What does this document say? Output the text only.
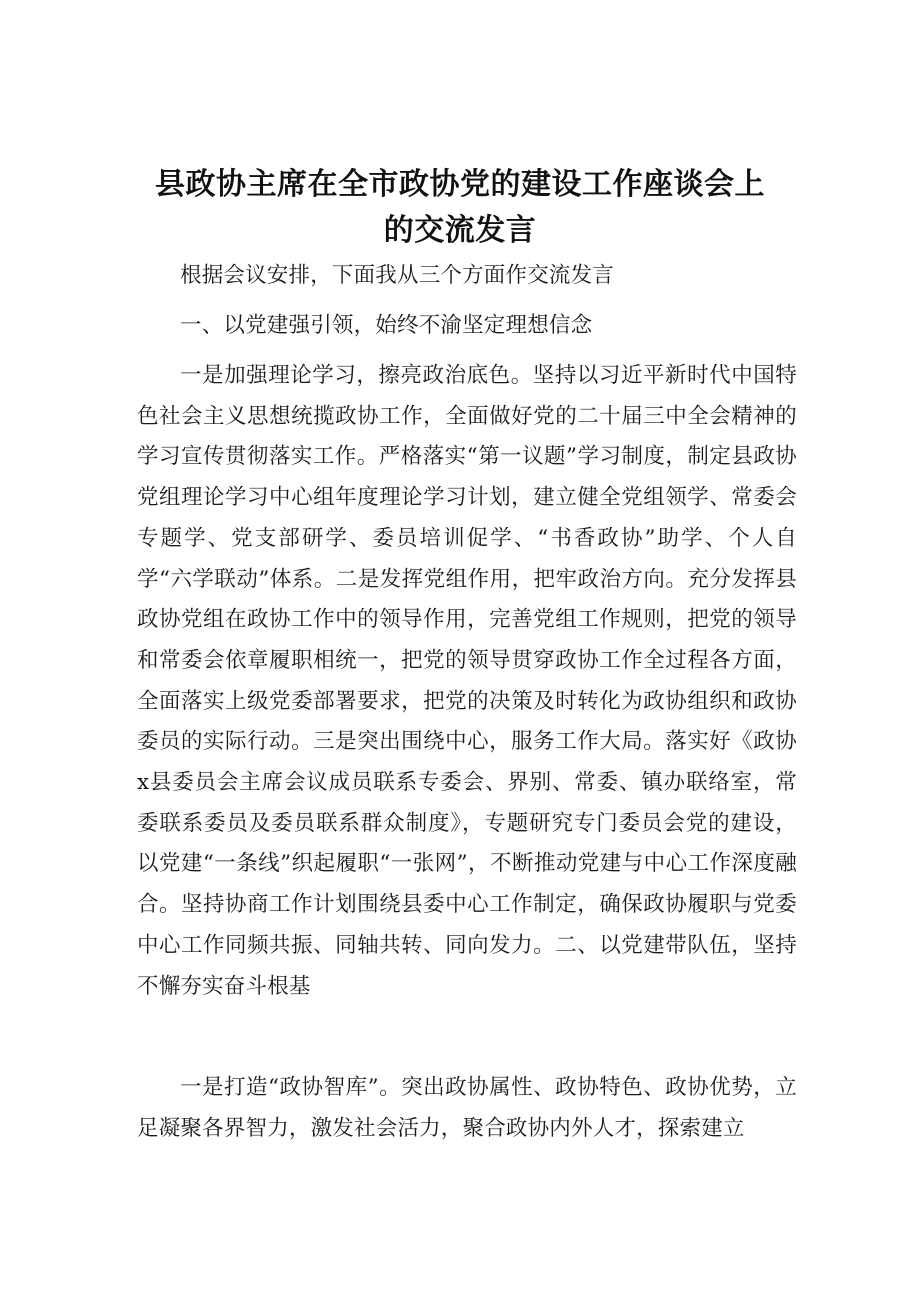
县政协主席在全市政协党的建设工作座谈会上
的交流发言

根据会议安排，下面我从三个方面作交流发言

一、以党建强引领，始终不渝坚定理想信念

一是加强理论学习，擦亮政治底色。坚持以习近平新时代中国特色社会主义思想统揽政协工作，全面做好党的二十届三中全会精神的学习宣传贯彻落实工作。严格落实“第一议题”学习制度，制定县政协党组理论学习中心组年度理论学习计划，建立健全党组领学、常委会专题学、党支部研学、委员培训促学、“书香政协”助学、个人自学“六学联动”体系。二是发挥党组作用，把牢政治方向。充分发挥县政协党组在政协工作中的领导作用，完善党组工作规则，把党的领导和常委会依章履职相统一，把党的领导贯穿政协工作全过程各方面，全面落实上级党委部署要求，把党的决策及时转化为政协组织和政协委员的实际行动。三是突出围绕中心，服务工作大局。落实好《政协x县委员会主席会议成员联系专委会、界别、常委、镇办联络室，常委联系委员及委员联系群众制度》，专题研究专门委员会党的建设，以党建“一条线”织起履职“一张网”，不断推动党建与中心工作深度融合。坚持协商工作计划围绕县委中心工作制定，确保政协履职与党委中心工作同频共振、同轴共转、同向发力。二、以党建带队伍，坚持不懈夯实奋斗根基

一是打造“政协智库”。突出政协属性、政协特色、政协优势，立足凝聚各界智力，激发社会活力，聚合政协内外人才，探索建立
